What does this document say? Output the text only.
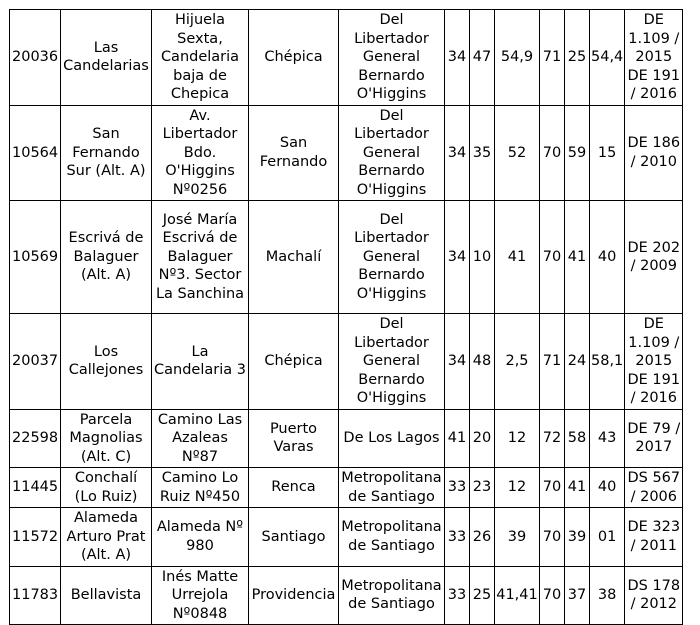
20036	Las Candelarias	Hijuela Sexta, Candelaria baja de Chepica	Chépica	Del Libertador General Bernardo O'Higgins	34	47	54,9	71	25	54,4	DE 1.109 / 2015 DE 191 / 2016
10564	San Fernando Sur (Alt. A)	Av. Libertador Bdo. O'Higgins Nº0256	San Fernando	Del Libertador General Bernardo O'Higgins	34	35	52	70	59	15	DE 186 / 2010
10569	Escrivá de Balaguer (Alt. A)	José María Escrivá de Balaguer Nº3. Sector La Sanchina	Machalí	Del Libertador General Bernardo O'Higgins	34	10	41	70	41	40	DE 202 / 2009
20037	Los Callejones	La Candelaria 3	Chépica	Del Libertador General Bernardo O'Higgins	34	48	2,5	71	24	58,1	DE 1.109 / 2015 DE 191 / 2016
22598	Parcela Magnolias (Alt. C)	Camino Las Azaleas Nº87	Puerto Varas	De Los Lagos	41	20	12	72	58	43	DE 79 / 2017
11445	Conchalí (Lo Ruiz)	Camino Lo Ruiz Nº450	Renca	Metropolitana de Santiago	33	23	12	70	41	40	DS 567 / 2006
11572	Alameda Arturo Prat (Alt. A)	Alameda Nº 980	Santiago	Metropolitana de Santiago	33	26	39	70	39	01	DE 323 / 2011
11783	Bellavista	Inés Matte Urrejola Nº0848	Providencia	Metropolitana de Santiago	33	25	41,41	70	37	38	DS 178 / 2012
